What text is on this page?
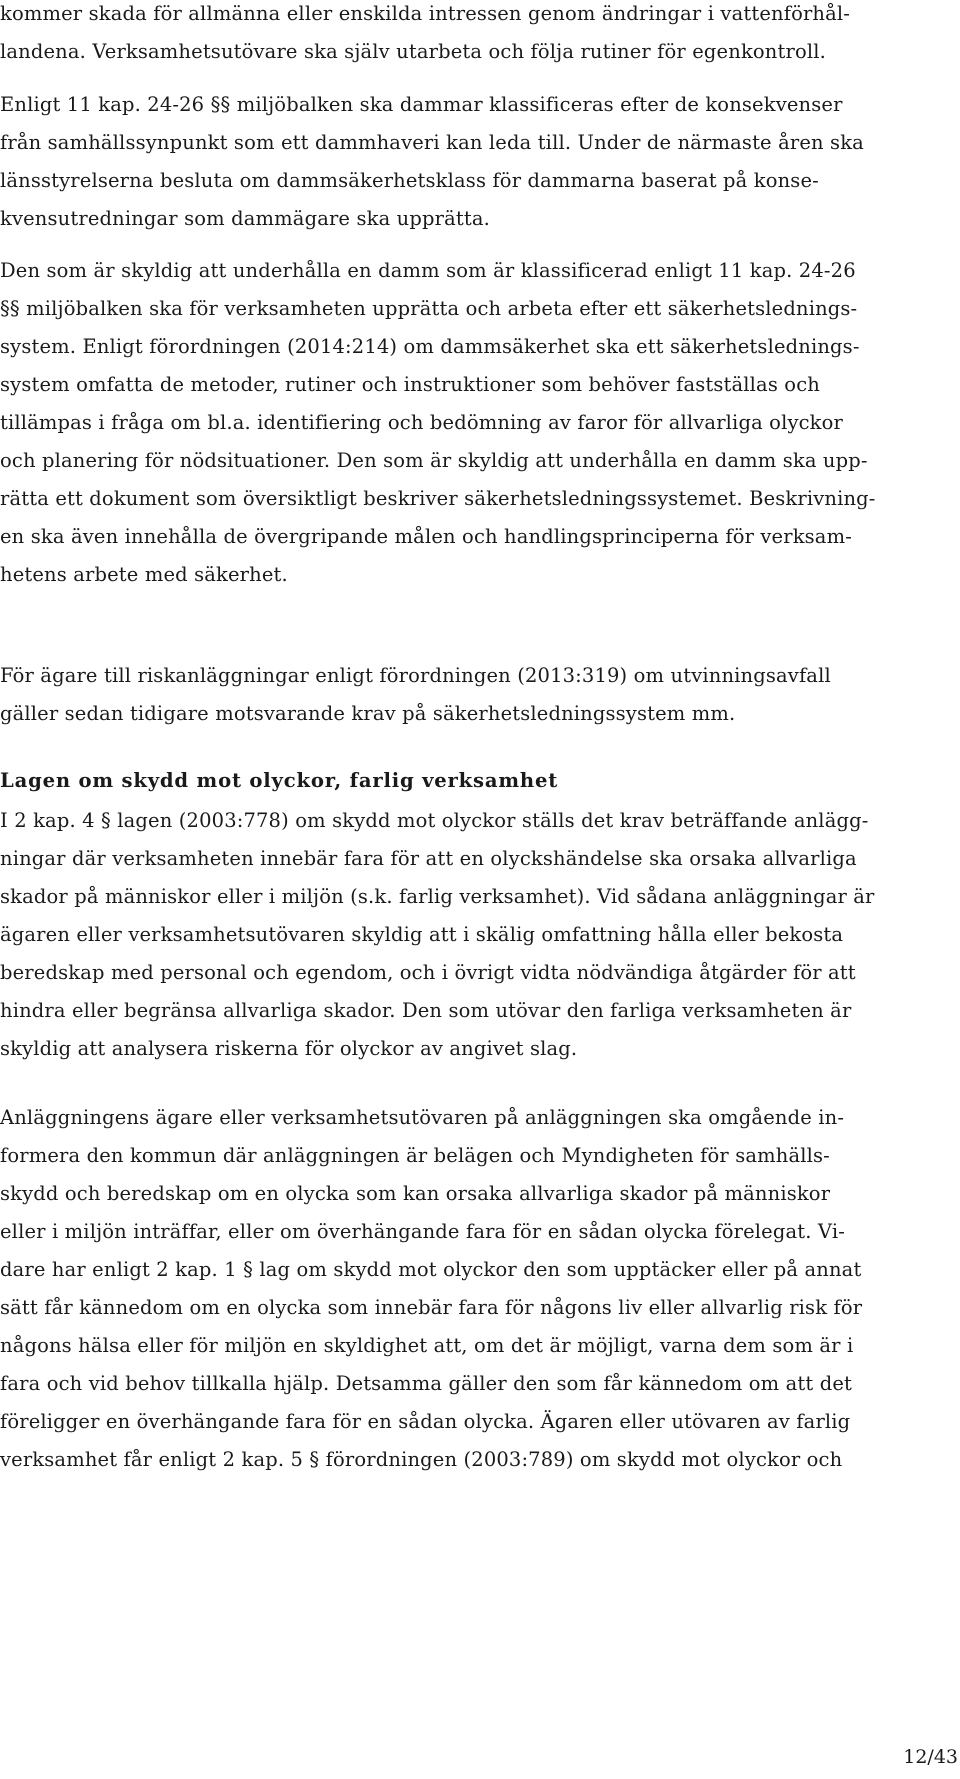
kommer skada för allmänna eller enskilda intressen genom ändringar i vattenförhål-
landena. Verksamhetsutövare ska själv utarbeta och följa rutiner för egenkontroll.

Enligt 11 kap. 24-26 §§ miljöbalken ska dammar klassificeras efter de konsekvenser
från samhällssynpunkt som ett dammhaveri kan leda till. Under de närmaste åren ska
länsstyrelserna besluta om dammsäkerhetsklass för dammarna baserat på konse-
kvensutredningar som dammägare ska upprätta.

Den som är skyldig att underhålla en damm som är klassificerad enligt 11 kap. 24-26
§§ miljöbalken ska för verksamheten upprätta och arbeta efter ett säkerhetslednings-
system. Enligt förordningen (2014:214) om dammsäkerhet ska ett säkerhetslednings-
system omfatta de metoder, rutiner och instruktioner som behöver fastställas och
tillämpas i fråga om bl.a. identifiering och bedömning av faror för allvarliga olyckor
och planering för nödsituationer. Den som är skyldig att underhålla en damm ska upp-
rätta ett dokument som översiktligt beskriver säkerhetsledningssystemet. Beskrivning-
en ska även innehålla de övergripande målen och handlingsprinciperna för verksam-
hetens arbete med säkerhet.

För ägare till riskanläggningar enligt förordningen (2013:319) om utvinningsavfall
gäller sedan tidigare motsvarande krav på säkerhetsledningssystem mm.

Lagen om skydd mot olyckor, farlig verksamhet

I 2 kap. 4 § lagen (2003:778) om skydd mot olyckor ställs det krav beträffande anlägg-
ningar där verksamheten innebär fara för att en olyckshändelse ska orsaka allvarliga
skador på människor eller i miljön (s.k. farlig verksamhet). Vid sådana anläggningar är
ägaren eller verksamhetsutövaren skyldig att i skälig omfattning hålla eller bekosta
beredskap med personal och egendom, och i övrigt vidta nödvändiga åtgärder för att
hindra eller begränsa allvarliga skador. Den som utövar den farliga verksamheten är
skyldig att analysera riskerna för olyckor av angivet slag.

Anläggningens ägare eller verksamhetsutövaren på anläggningen ska omgående in-
formera den kommun där anläggningen är belägen och Myndigheten för samhälls-
skydd och beredskap om en olycka som kan orsaka allvarliga skador på människor
eller i miljön inträffar, eller om överhängande fara för en sådan olycka förelegat. Vi-
dare har enligt 2 kap. 1 § lag om skydd mot olyckor den som upptäcker eller på annat
sätt får kännedom om en olycka som innebär fara för någons liv eller allvarlig risk för
någons hälsa eller för miljön en skyldighet att, om det är möjligt, varna dem som är i
fara och vid behov tillkalla hjälp. Detsamma gäller den som får kännedom om att det
föreligger en överhängande fara för en sådan olycka. Ägaren eller utövaren av farlig
verksamhet får enligt 2 kap. 5 § förordningen (2003:789) om skydd mot olyckor och

12/43
